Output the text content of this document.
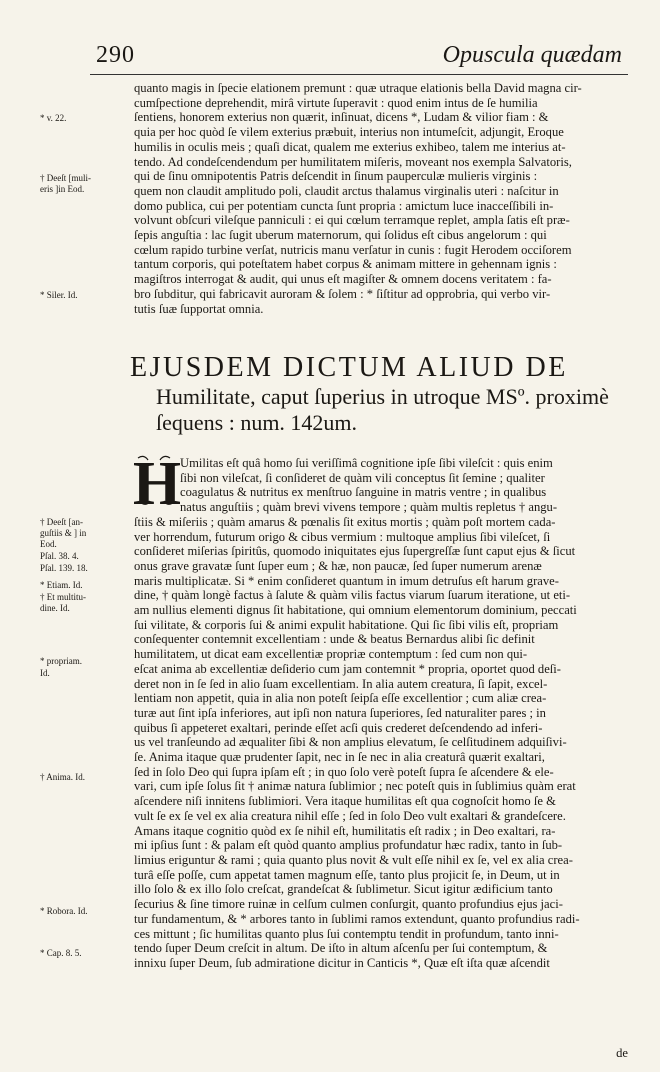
290	Opuscula quædam
* v. 22.
† Deeſt [muli-
eris ]in Eod.
* Siler. Id.
quanto magis in ſpecie elationem premunt : quæ utraque elationis bella David magna cir-
cumſpectione deprehendit, mirâ virtute ſuperavit : quod enim intus de ſe humilia
ſentiens, honorem exterius non quærit, inſinuat, dicens *, Ludam & vilior fiam : &
quia per hoc quòd ſe vilem exterius præbuit, interius non intumeſcit, adjungit, Eroque
humilis in oculis meis ; quaſi dicat, qualem me exterius exhibeo, talem me interius at-
tendo. Ad condeſcendendum per humilitatem miſeris, moveant nos exempla Salvatoris,
qui de ſinu omnipotentis Patris deſcendit in ſinum pauperculæ mulieris virginis :
quem non claudit amplitudo poli, claudit arctus thalamus virginalis uteri : naſcitur in
domo publica, cui per potentiam cuncta ſunt propria : amictum luce inacceſſibili in-
volvunt obſcuri vileſque panniculi : ei qui cœlum terramque replet, ampla ſatis eſt præ-
ſepis anguſtia : lac ſugit uberum maternorum, qui ſolidus eſt cibus angelorum : qui
cœlum rapido turbine verſat, nutricis manu verſatur in cunis : fugit Herodem occiſorem
tantum corporis, qui poteſtatem habet corpus & animam mittere in gehennam ignis :
magiſtros interrogat & audit, qui unus eſt magiſter & omnem docens veritatem : fa-
bro ſubditur, qui fabricavit auroram & ſolem : * ſiſtitur ad opprobria, qui verbo vir-
tutis ſuæ ſupportat omnia.
EJUSDEM DICTUM ALIUD DE
Humilitate, caput ſuperius in utroque MSº. proximè
ſequens : num. 142um.
H
† Deeſt [an-
guſtiis & ] in
Eod.
Pſal. 38. 4.
Pſal. 139. 18.
* Etiam. Id.
† Et multitu-
dine. Id.
* propriam.
Id.
† Anima. Id.
* Robora. Id.
* Cap. 8. 5.
Umilitas eſt quâ homo ſui veriſſimâ cognitione ipſe ſibi vileſcit : quis enim
ſibi non vileſcat, ſi conſideret de quàm vili conceptus ſit ſemine ; qualiter
coagulatus & nutritus ex menſtruo ſanguine in matris ventre ; in qualibus
natus anguſtiis ; quàm brevi vivens tempore ; quàm multis repletus † angu-
ſtiis & miſeriis ; quàm amarus & pœnalis ſit exitus mortis ; quàm poſt mortem cada-
ver horrendum, futurum origo & cibus vermium : multoque amplius ſibi vileſcet, ſi
conſideret miſerias ſpiritûs, quomodo iniquitates ejus ſupergreſſæ ſunt caput ejus & ſicut
onus grave gravatæ ſunt ſuper eum ; & hæ, non paucæ, ſed ſuper numerum arenæ
maris multiplicatæ. Si * enim conſideret quantum in imum detruſus eſt harum grave-
dine, † quàm longè factus à ſalute & quàm vilis factus viarum ſuarum iteratione, ut eti-
am nullius elementi dignus ſit habitatione, qui omnium elementorum dominium, peccati
ſui vilitate, & corporis ſui & animi expulit habitatione. Qui ſic ſibi vilis eſt, propriam
conſequenter contemnit excellentiam : unde & beatus Bernardus alibi ſic definit
humilitatem, ut dicat eam excellentiæ propriæ contemptum : ſed cum non qui-
eſcat anima ab excellentiæ deſiderio cum jam contemnit * propria, oportet quod deſi-
deret non in ſe ſed in alio ſuam excellentiam. In alia autem creatura, ſi ſapit, excel-
lentiam non appetit, quia in alia non poteſt ſeipſa eſſe excellentior ; cum aliæ crea-
turæ aut ſint ipſa inferiores, aut ipſi non natura ſuperiores, ſed naturaliter pares ; in
quibus ſi appeteret exaltari, perinde eſſet acſi quis crederet deſcendendo ad inferi-
us vel tranſeundo ad æqualiter ſibi & non amplius elevatum, ſe celſitudinem adquiſivi-
ſe. Anima itaque quæ prudenter ſapit, nec in ſe nec in alia creaturâ quærit exaltari,
ſed in ſolo Deo qui ſupra ipſam eſt ; in quo ſolo verè poteſt ſupra ſe aſcendere & ele-
vari, cum ipſe ſolus ſit † animæ natura ſublimior ; nec poteſt quis in ſublimius quàm erat
aſcendere niſi innitens ſublimiori. Vera itaque humilitas eſt qua cognoſcit homo ſe &
vult ſe ex ſe vel ex alia creatura nihil eſſe ; ſed in ſolo Deo vult exaltari & grandeſcere.
Amans itaque cognitio quòd ex ſe nihil eſt, humilitatis eſt radix ; in Deo exaltari, ra-
mi ipſius ſunt : & palam eſt quòd quanto amplius profundatur hæc radix, tanto in ſub-
limius eriguntur & rami ; quia quanto plus novit & vult eſſe nihil ex ſe, vel ex alia crea-
turâ eſſe poſſe, cum appetat tamen magnum eſſe, tanto plus projicit ſe, in Deum, ut in
illo ſolo & ex illo ſolo creſcat, grandeſcat & ſublimetur. Sicut igitur ædificium tanto
ſecurius & ſine timore ruinæ in celſum culmen conſurgit, quanto profundius ejus jaci-
tur fundamentum, & * arbores tanto in ſublimi ramos extendunt, quanto profundius radi-
ces mittunt ; ſic humilitas quanto plus ſui contemptu tendit in profundum, tanto inni-
tendo ſuper Deum creſcit in altum. De iſto in altum aſcenſu per ſui contemptum, &
innixu ſuper Deum, ſub admiratione dicitur in Canticis *, Quæ eſt iſta quæ aſcendit
de
